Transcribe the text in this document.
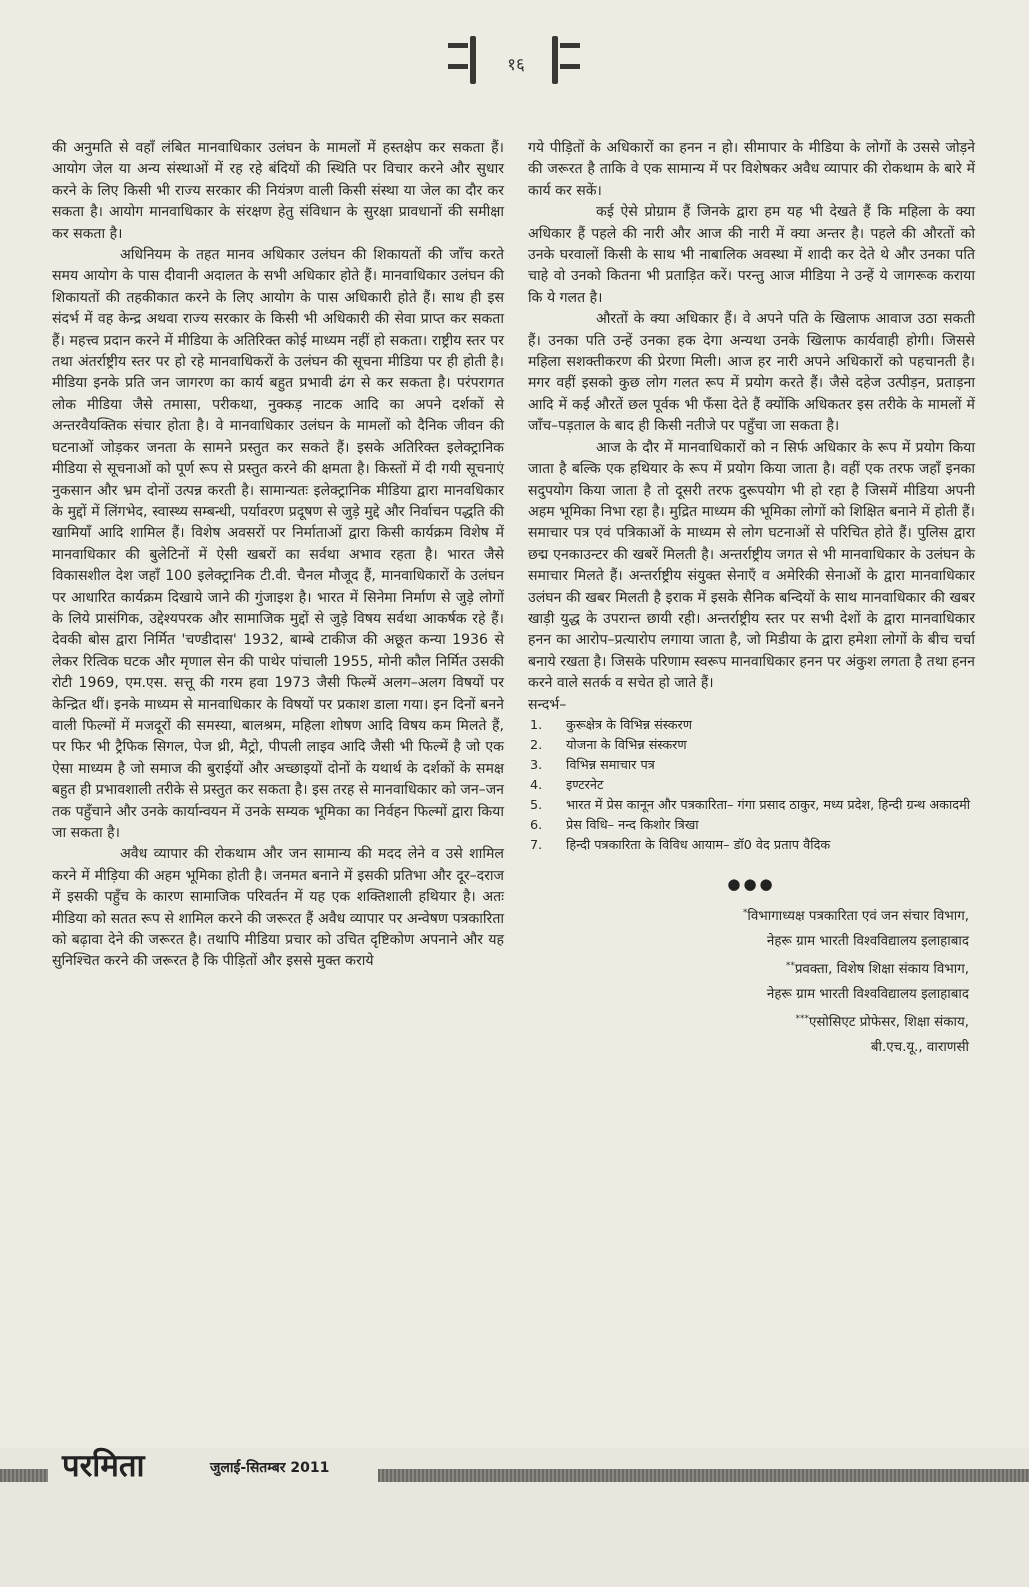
१६

की अनुमति से वहाँ लंबित मानवाधिकार उलंघन के मामलों में हस्तक्षेप कर सकता हैं। आयोग जेल या अन्य संस्थाओं में रह रहे बंदियों की स्थिति पर विचार करने और सुधार करने के लिए किसी भी राज्य सरकार की नियंत्रण वाली किसी संस्था या जेल का दौर कर सकता है। आयोग मानवाधिकार के संरक्षण हेतु संविधान के सुरक्षा प्रावधानों की समीक्षा कर सकता है।

अधिनियम के तहत मानव अधिकार उलंघन की शिकायतों की जाँच करते समय आयोग के पास दीवानी अदालत के सभी अधिकार होते हैं। मानवाधिकार उलंघन की शिकायतों की तहकीकात करने के लिए आयोग के पास अधिकारी होते हैं। साथ ही इस संदर्भ में वह केन्द्र अथवा राज्य सरकार के किसी भी अधिकारी की सेवा प्राप्त कर सकता हैं। महत्त्व प्रदान करने में मीडिया के अतिरिक्त कोई माध्यम नहीं हो सकता। राष्ट्रीय स्तर पर तथा अंतर्राष्ट्रीय स्तर पर हो रहे मानवाधिकरों के उलंघन की सूचना मीडिया पर ही होती है। मीडिया इनके प्रति जन जागरण का कार्य बहुत प्रभावी ढंग से कर सकता है। परंपरागत लोक मीडिया जैसे तमासा, परीकथा, नुक्कड़ नाटक आदि का अपने दर्शकों से अन्तरवैयक्तिक संचार होता है। वे मानवाधिकार उलंघन के मामलों को दैनिक जीवन की घटनाओं जोड़कर जनता के सामने प्रस्तुत कर सकते हैं। इसके अतिरिक्त इलेक्ट्रानिक मीडिया से सूचनाओं को पूर्ण रूप से प्रस्तुत करने की क्षमता है। किस्तों में दी गयी सूचनाएं नुकसान और भ्रम दोनों उत्पन्न करती है। सामान्यतः इलेक्ट्रानिक मीडिया द्वारा मानवधिकार के मुद्दों में लिंगभेद, स्वास्थ्य सम्बन्धी, पर्यावरण प्रदूषण से जुड़े मुद्दे और निर्वाचन पद्धति की खामियाँ आदि शामिल हैं। विशेष अवसरों पर निर्माताओं द्वारा किसी कार्यक्रम विशेष में मानवाधिकार की बुलेटिनों में ऐसी खबरों का सर्वथा अभाव रहता है। भारत जैसे विकासशील देश जहाँ 100 इलेक्ट्रानिक टी.वी. चैनल मौजूद हैं, मानवाधिकारों के उलंघन पर आधारित कार्यक्रम दिखाये जाने की गुंजाइश है। भारत में सिनेमा निर्माण से जुड़े लोगों के लिये प्रासंगिक, उद्देश्यपरक और सामाजिक मुद्दों से जुड़े विषय सर्वथा आकर्षक रहे हैं। देवकी बोस द्वारा निर्मित 'चण्डीदास' 1932, बाम्बे टाकीज की अछूत कन्या 1936 से लेकर रित्विक घटक और मृणाल सेन की पाथेर पांचाली 1955, मोनी कौल निर्मित उसकी रोटी 1969, एम.एस. सत्तू की गरम हवा 1973 जैसी फिल्में अलग–अलग विषयों पर केन्द्रित थीं। इनके माध्यम से मानवाधिकार के विषयों पर प्रकाश डाला गया। इन दिनों बनने वाली फिल्मों में मजदूरों की समस्या, बालश्रम, महिला शोषण आदि विषय कम मिलते हैं, पर फिर भी ट्रैफिक सिगल, पेज थ्री, मैट्रो, पीपली लाइव आदि जैसी भी फिल्में है जो एक ऐसा माध्यम है जो समाज की बुराईयों और अच्छाइयों दोनों के यथार्थ के दर्शकों के समक्ष बहुत ही प्रभावशाली तरीके से प्रस्तुत कर सकता है। इस तरह से मानवाधिकार को जन–जन तक पहुँचाने और उनके कार्यान्वयन में उनके सम्यक भूमिका का निर्वहन फिल्मों द्वारा किया जा सकता है।

अवैध व्यापार की रोकथाम और जन सामान्य की मदद लेने व उसे शामिल करने में मीड़िया की अहम भूमिका होती है। जनमत बनाने में इसकी प्रतिभा और दूर–दराज में इसकी पहुँच के कारण सामाजिक परिवर्तन में यह एक शक्तिशाली हथियार है। अतः मीडिया को सतत रूप से शामिल करने की जरूरत हैं अवैध व्यापार पर अन्वेषण पत्रकारिता को बढ़ावा देने की जरूरत है। तथापि मीडिया प्रचार को उचित दृष्टिकोण अपनाने और यह सुनिश्चित करने की जरूरत है कि पीड़ितों और इससे मुक्त कराये

गये पीड़ितों के अधिकारों का हनन न हो। सीमापार के मीडिया के लोगों के उससे जोड़ने की जरूरत है ताकि वे एक सामान्य में पर विशेषकर अवैध व्यापार की रोकथाम के बारे में कार्य कर सकें।

कई ऐसे प्रोग्राम हैं जिनके द्वारा हम यह भी देखते हैं कि महिला के क्या अधिकार हैं पहले की नारी और आज की नारी में क्या अन्तर है। पहले की औरतों को उनके घरवालों किसी के साथ भी नाबालिक अवस्था में शादी कर देते थे और उनका पति चाहे वो उनको कितना भी प्रताड़ित करें। परन्तु आज मीडिया ने उन्हें ये जागरूक कराया कि ये गलत है।

औरतों के क्या अधिकार हैं। वे अपने पति के खिलाफ आवाज उठा सकती हैं। उनका पति उन्हें उनका हक देगा अन्यथा उनके खिलाफ कार्यवाही होगी। जिससे महिला सशक्तीकरण की प्रेरणा मिली। आज हर नारी अपने अधिकारों को पहचानती है। मगर वहीं इसको कुछ लोग गलत रूप में प्रयोग करते हैं। जैसे दहेज उत्पीड़न, प्रताड़ना आदि में कई औरतें छल पूर्वक भी फँसा देते हैं क्योंकि अधिकतर इस तरीके के मामलों में जाँच–पड़ताल के बाद ही किसी नतीजे पर पहुँचा जा सकता है।

आज के दौर में मानवाधिकारों को न सिर्फ अधिकार के रूप में प्रयोग किया जाता है बल्कि एक हथियार के रूप में प्रयोग किया जाता है। वहीं एक तरफ जहाँ इनका सदुपयोग किया जाता है तो दूसरी तरफ दुरूपयोग भी हो रहा है जिसमें मीडिया अपनी अहम भूमिका निभा रहा है। मुद्रित माध्यम की भूमिका लोगों को शिक्षित बनाने में होती हैं। समाचार पत्र एवं पत्रिकाओं के माध्यम से लोग घटनाओं से परिचित होते हैं। पुलिस द्वारा छद्म एनकाउन्टर की खबरें मिलती है। अन्तर्राष्ट्रीय जगत से भी मानवाधिकार के उलंघन के समाचार मिलते हैं। अन्तर्राष्ट्रीय संयुक्त सेनाएँ व अमेरिकी सेनाओं के द्वारा मानवाधिकार उलंघन की खबर मिलती है इराक में इसके सैनिक बन्दियों के साथ मानवाधिकार की खबर खाड़ी युद्ध के उपरान्त छायी रही। अन्तर्राष्ट्रीय स्तर पर सभी देशों के द्वारा मानवाधिकार हनन का आरोप–प्रत्यारोप लगाया जाता है, जो मिडीया के द्वारा हमेशा लोगों के बीच चर्चा बनाये रखता है। जिसके परिणाम स्वरूप मानवाधिकार हनन पर अंकुश लगता है तथा हनन करने वाले सतर्क व सचेत हो जाते हैं।

सन्दर्भ–

1.	कुरूक्षेत्र के विभिन्न संस्करण
2.	योजना के विभिन्न संस्करण
3.	विभिन्न समाचार पत्र
4.	इण्टरनेट
5.	भारत में प्रेस कानून और पत्रकारिता– गंगा प्रसाद ठाकुर, मध्य प्रदेश, हिन्दी ग्रन्थ अकादमी
6.	प्रेस विधि– नन्द किशोर त्रिखा
7.	हिन्दी पत्रकारिता के विविध आयाम– डॉ0 वेद प्रताप वैदिक
●●●
*विभागाध्यक्ष पत्रकारिता एवं जन संचार विभाग,
नेहरू ग्राम भारती विश्वविद्यालय इलाहाबाद
**प्रवक्ता, विशेष शिक्षा संकाय विभाग,
नेहरू ग्राम भारती विश्वविद्यालय इलाहाबाद
***एसोसिएट प्रोफेसर, शिक्षा संकाय,
बी.एच.यू., वाराणसी
परमिता	जुलाई-सितम्बर 2011
